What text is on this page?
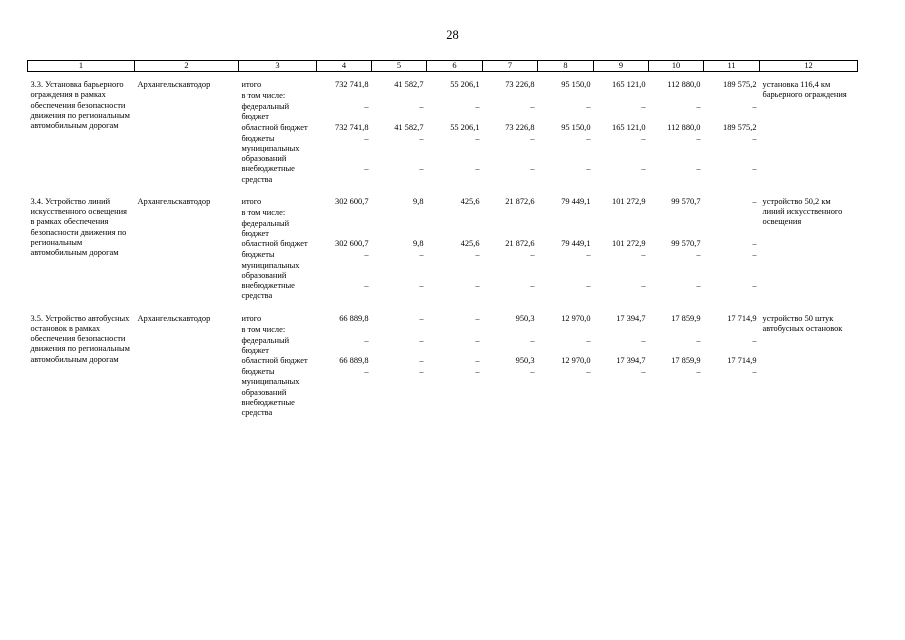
28
1	2	3	4	5	6	7	8	9	10	11	12

3.3. Установка барьерного ограждения в рамках обеспечения безопасности движения по региональным автомобильным дорогам	Архангельскавтодор	итого	732 741,8	41 582,7	55 206,1	73 226,8	95 150,0	165 121,0	112 880,0	189 575,2	установка 116,4 км барьерного ограждения
		в том числе:									
		федеральный бюджет	–	–	–	–	–	–	–	–	
		областной бюджет	732 741,8	41 582,7	55 206,1	73 226,8	95 150,0	165 121,0	112 880,0	189 575,2	
		бюджеты муниципальных образований	–	–	–	–	–	–	–	–	
		внебюджетные средства	–	–	–	–	–	–	–	–	

3.4. Устройство линий искусственного освещения в рамках обеспечения безопасности движения по региональным автомобильным дорогам	Архангельскавтодор	итого	302 600,7	9,8	425,6	21 872,6	79 449,1	101 272,9	99 570,7	–	устройство 50,2 км линий искусственного освещения
		в том числе:									
		федеральный бюджет									
		областной бюджет	302 600,7	9,8	425,6	21 872,6	79 449,1	101 272,9	99 570,7	–	
		бюджеты муниципальных образований	–	–	–	–	–	–	–	–	
		внебюджетные средства	–	–	–	–	–	–	–	–	

3.5. Устройство автобусных остановок в рамках обеспечения безопасности движения по региональным автомобильным дорогам	Архангельскавтодор	итого	66 889,8	–	–	950,3	12 970,0	17 394,7	17 859,9	17 714,9	устройство 50 штук автобусных остановок
		в том числе:									
		федеральный бюджет	–	–	–	–	–	–	–	–	
		областной бюджет	66 889,8	–	–	950,3	12 970,0	17 394,7	17 859,9	17 714,9	
		бюджеты муниципальных образований	–	–	–	–	–	–	–	–	
		внебюджетные средства									
